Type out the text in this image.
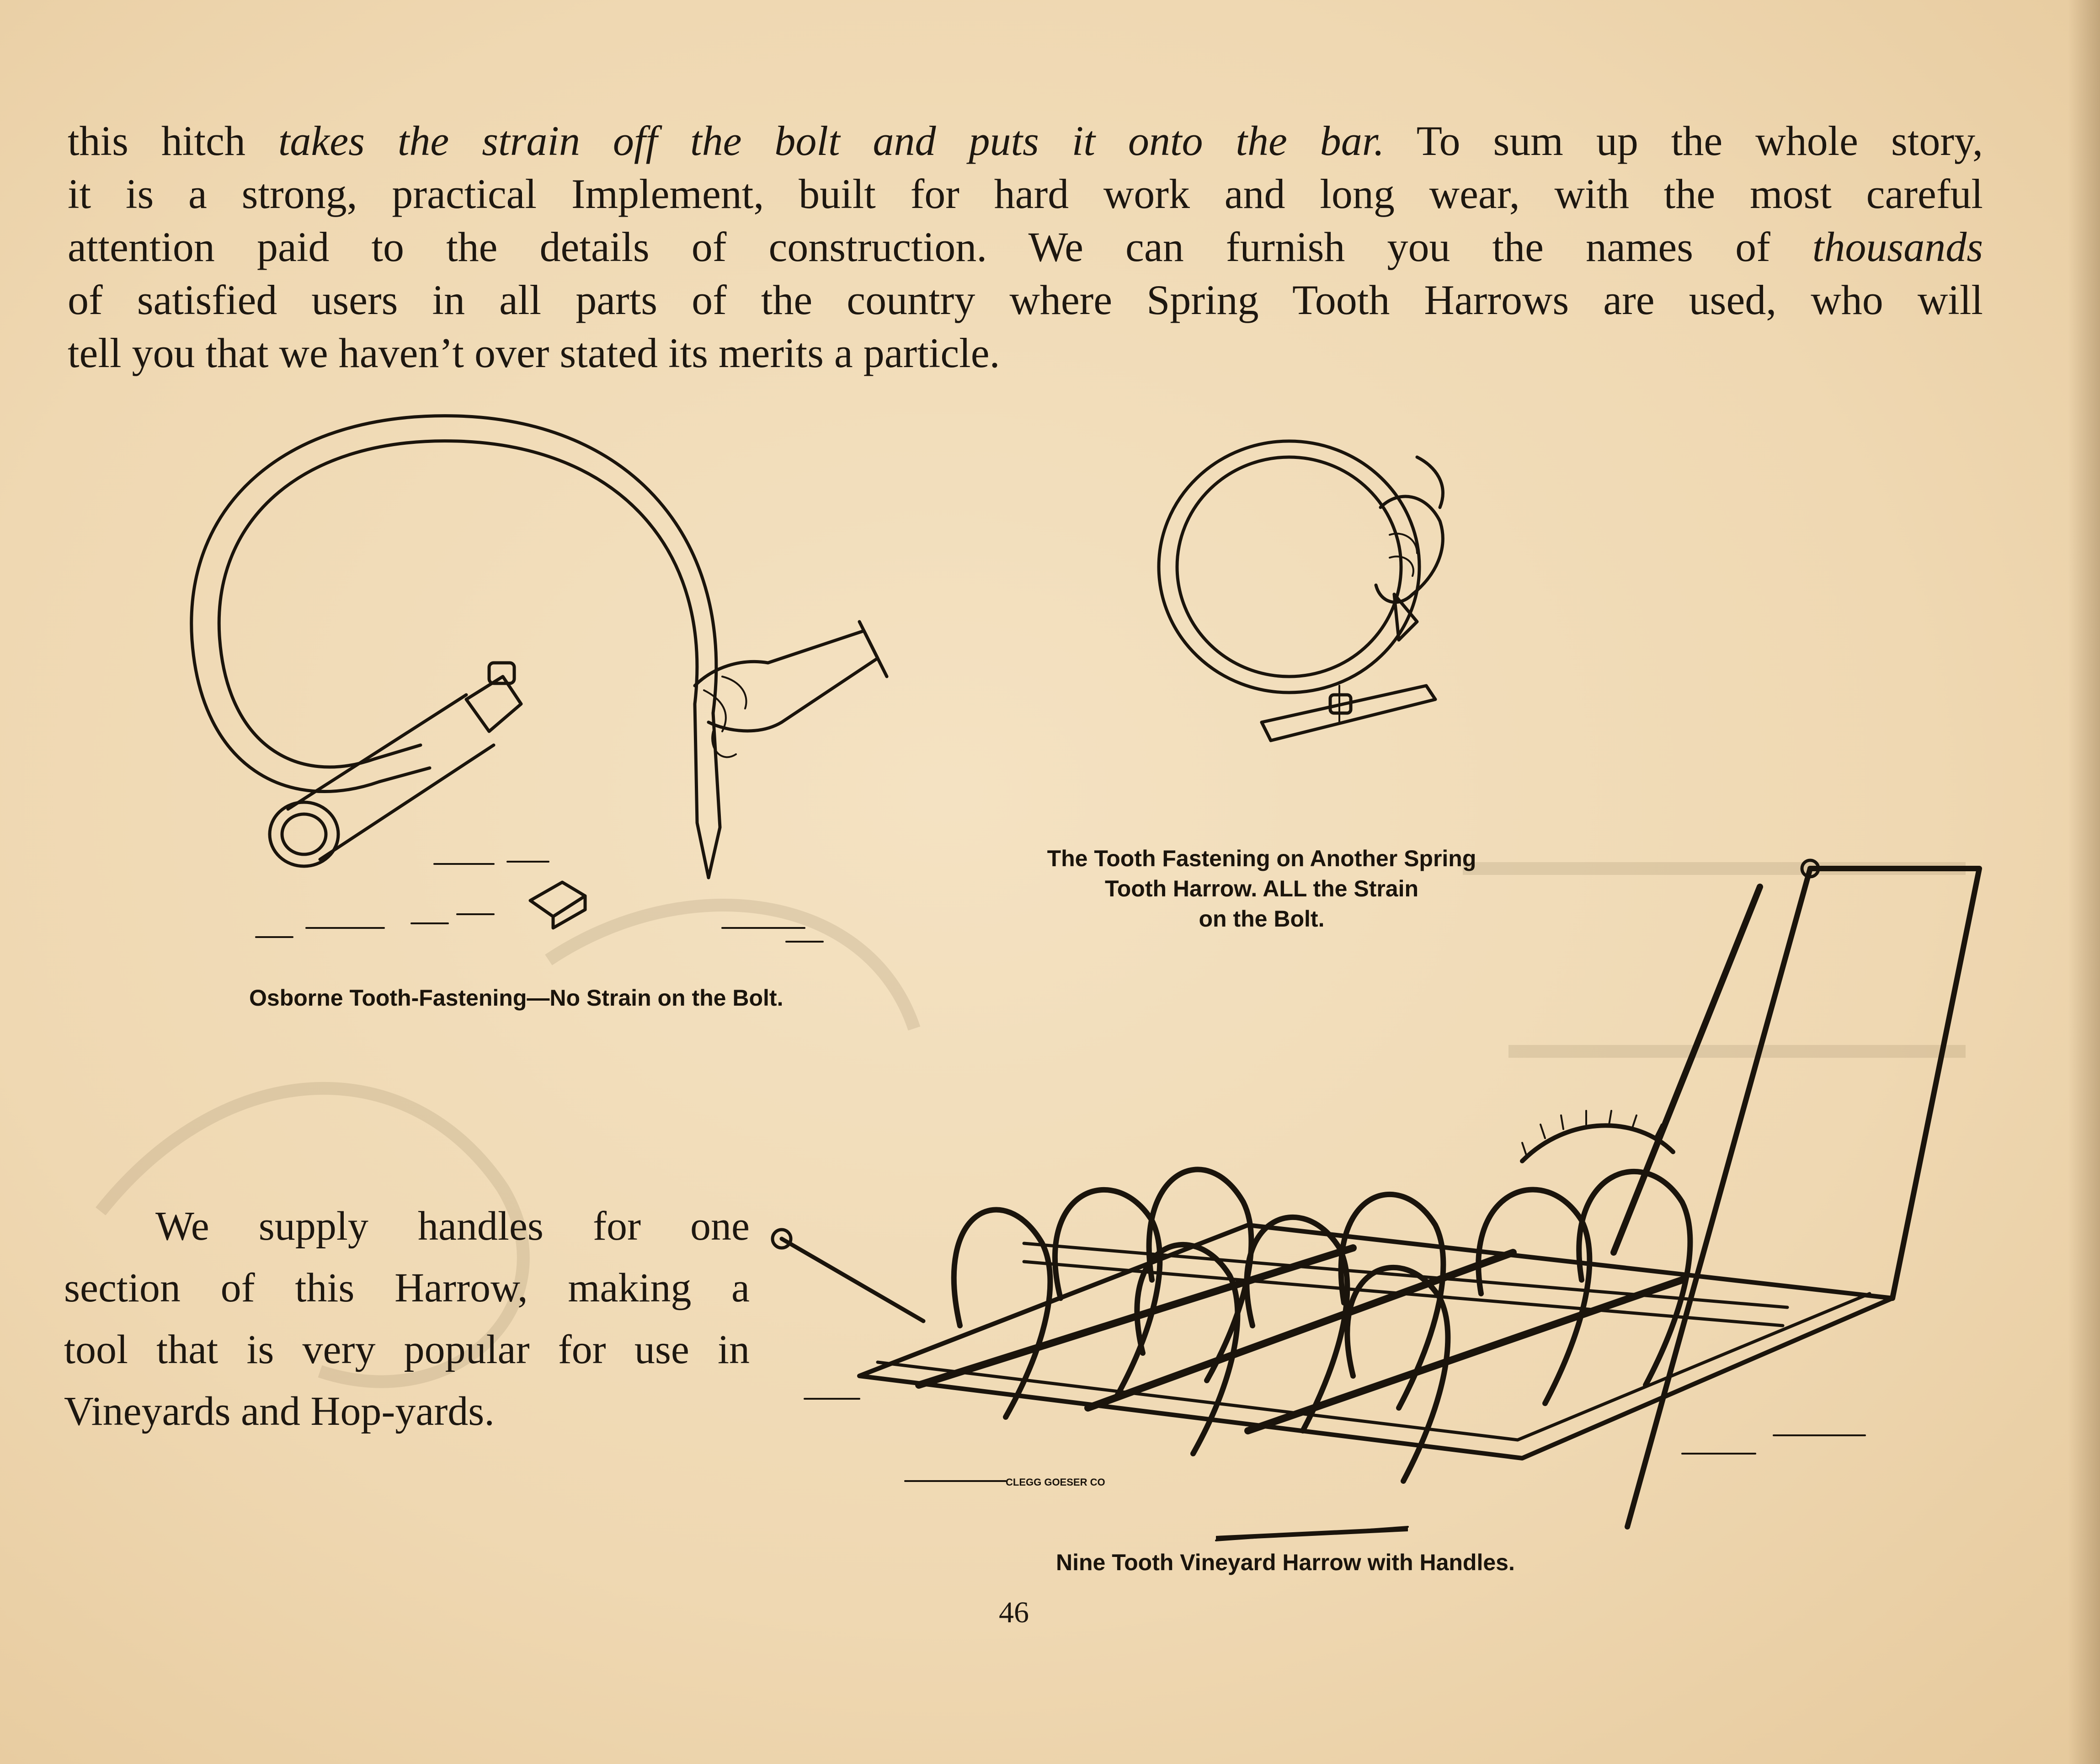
this hitch takes the strain off the bolt and puts it onto the bar. To sum up the whole story,
it is a strong, practical Implement, built for hard work and long wear, with the most careful
attention paid to the details of construction. We can furnish you the names of thousands
of satisfied users in all parts of the country where Spring Tooth Harrows are used, who will
tell you that we haven’t over stated its merits a particle.
Osborne Tooth-Fastening—No Strain on the Bolt.
The Tooth Fastening on Another Spring
Tooth Harrow. ALL the Strain
on the Bolt.
CLEGG GOESER CO
Nine Tooth Vineyard Harrow with Handles.
We supply handles for one
section of this Harrow, making a
tool that is very popular for use in
Vineyards and Hop-yards.
46
